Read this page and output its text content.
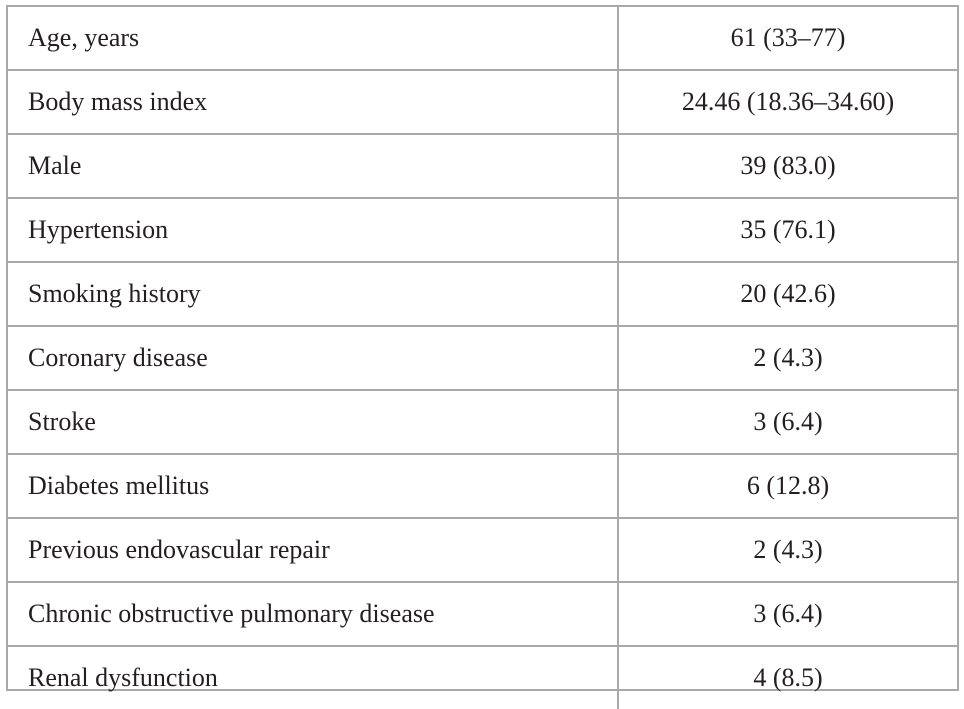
Age, years	61 (33–77)
Body mass index	24.46 (18.36–34.60)
Male	39 (83.0)
Hypertension	35 (76.1)
Smoking history	20 (42.6)
Coronary disease	2 (4.3)
Stroke	3 (6.4)
Diabetes mellitus	6 (12.8)
Previous endovascular repair	2 (4.3)
Chronic obstructive pulmonary disease	3 (6.4)
Renal dysfunction	4 (8.5)
